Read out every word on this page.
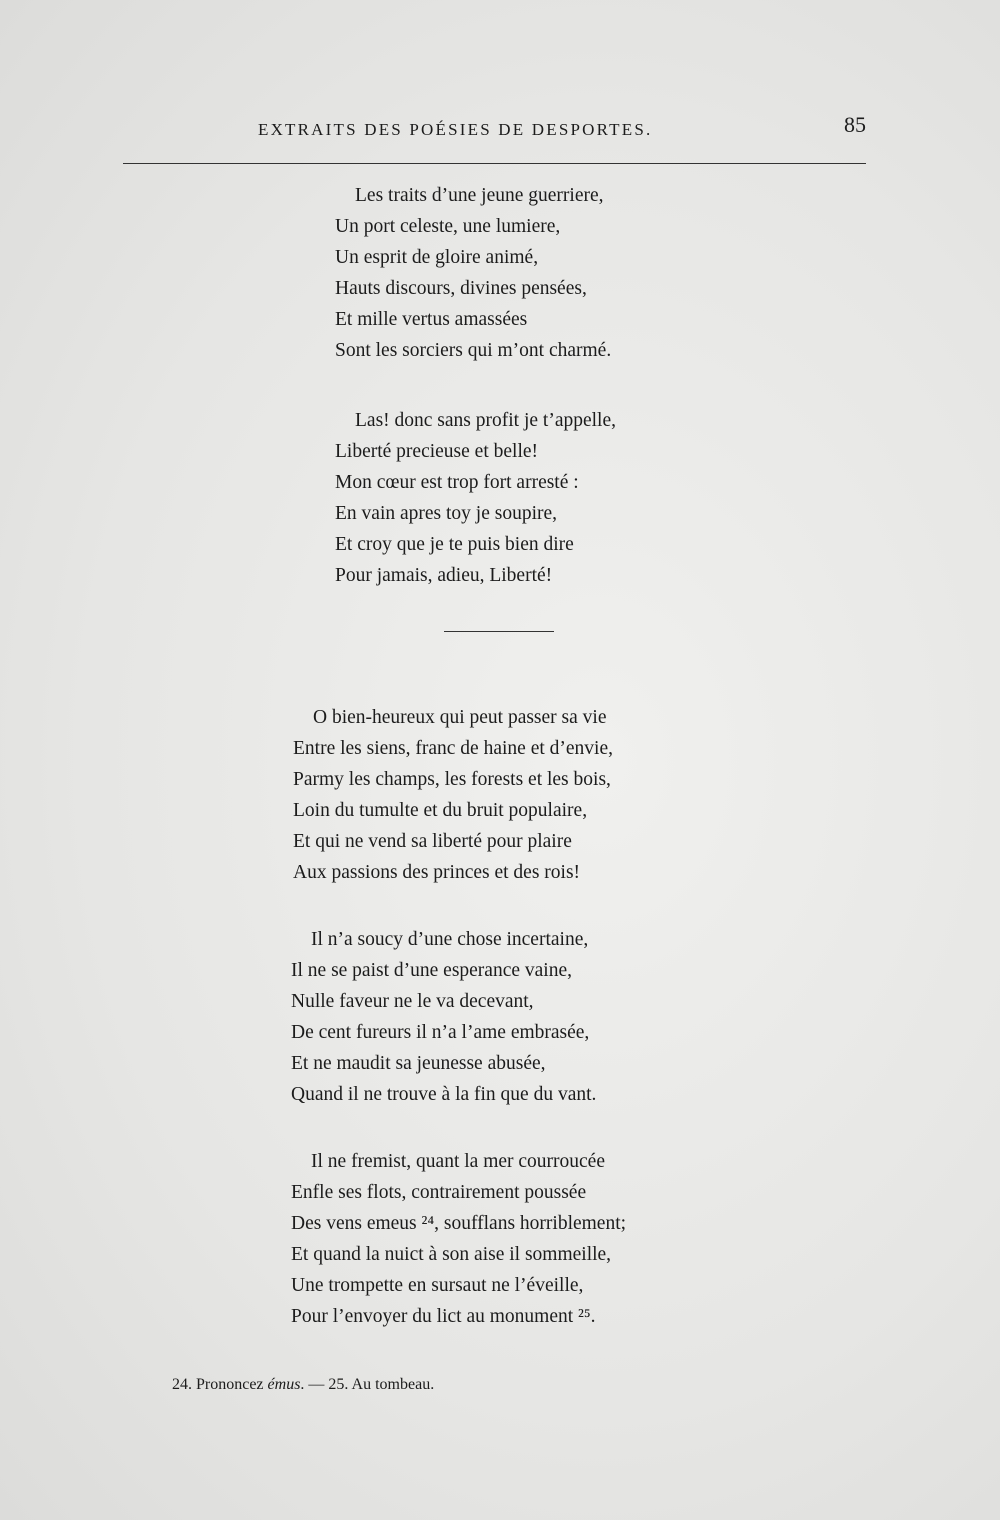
EXTRAITS DES POÉSIES DE DESPORTES.	85
Les traits d’une jeune guerriere,
Un port celeste, une lumiere,
Un esprit de gloire animé,
Hauts discours, divines pensées,
Et mille vertus amassées
Sont les sorciers qui m’ont charmé.
Las! donc sans profit je t’appelle,
Liberté precieuse et belle!
Mon cœur est trop fort arresté :
En vain apres toy je soupire,
Et croy que je te puis bien dire
Pour jamais, adieu, Liberté!
O bien-heureux qui peut passer sa vie
Entre les siens, franc de haine et d’envie,
Parmy les champs, les forests et les bois,
Loin du tumulte et du bruit populaire,
Et qui ne vend sa liberté pour plaire
Aux passions des princes et des rois!
Il n’a soucy d’une chose incertaine,
Il ne se paist d’une esperance vaine,
Nulle faveur ne le va decevant,
De cent fureurs il n’a l’ame embrasée,
Et ne maudit sa jeunesse abusée,
Quand il ne trouve à la fin que du vant.
Il ne fremist, quant la mer courroucée
Enfle ses flots, contrairement poussée
Des vens emeus ²⁴, soufflans horriblement;
Et quand la nuict à son aise il sommeille,
Une trompette en sursaut ne l’éveille,
Pour l’envoyer du lict au monument ²⁵.
24. Prononcez émus. — 25. Au tombeau.
